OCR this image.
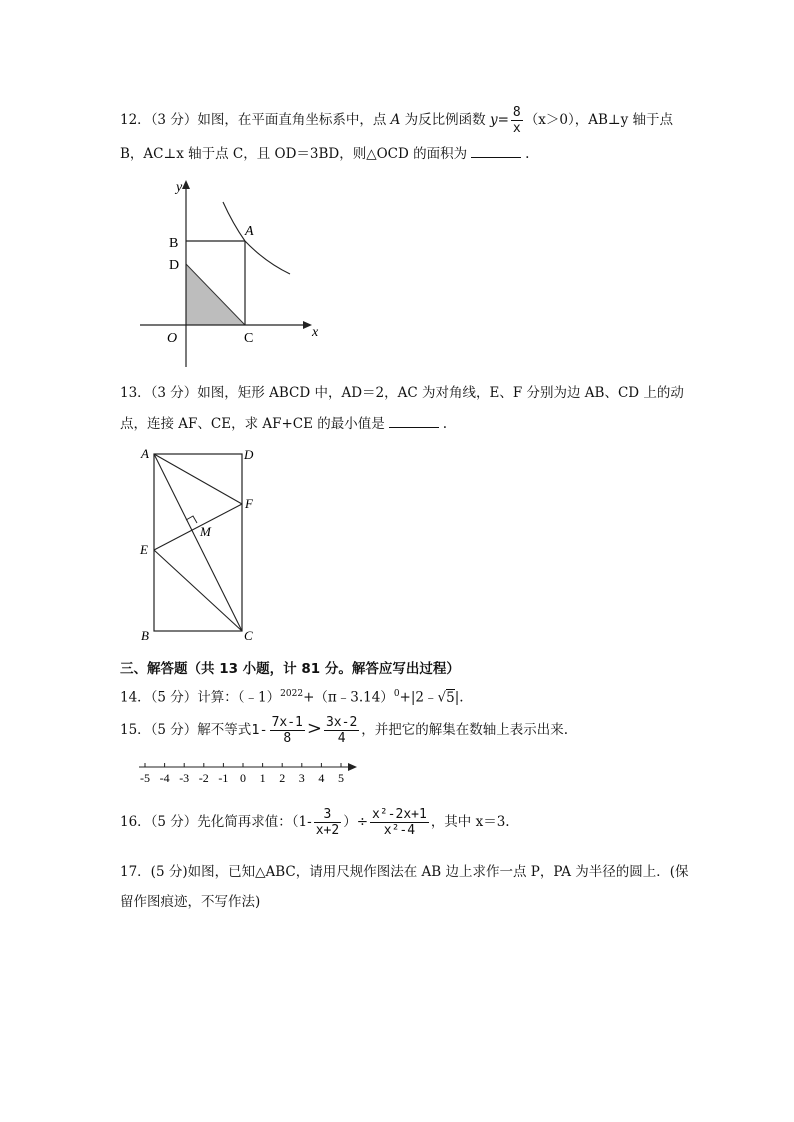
12．（3 分）如图，在平面直角坐标系中，点 A 为反比例函数 $y= \frac{8}{x} (x>0)$，AB⊥y 轴于点
B，AC⊥x 轴于点 C，且 OD＝3BD，则△OCD 的面积为	.
y
B
A
D
O	C	x
13．（3 分）如图，矩形 ABCD 中，AD＝2，AC 为对角线，E、F 分别为边 AB、CD 上的动
点，连接 AF、CE，求 AF+CE 的最小值是	.
A	D
F
M
E
B	C
三、解答题（共 13 小题，计 81 分。解答应写出过程）
14．（5 分）计算：（﹣1）$^{2022}$+（π﹣3.14）$^0$+|2﹣√5|.
15．（5 分）解不等式$1- \frac{7x-1}{8} > \frac{3x-2}{4}$ ，并把它的解集在数轴上表示出来.
-5 -4 -3 -2 -1 0 1 2 3 4 5
16．（5 分）先化简再求值：（$1- \frac{3}{x+2}$ ）÷ $\frac{\text{x²-2x+1}}{\text{x²-4}}$ ，其中 x＝3.
17．(5 分)如图，已知△ABC，请用尺规作图法在 AB 边上求作一点 P，PA 为半径的圆上．(保
留作图痕迹，不写作法)
